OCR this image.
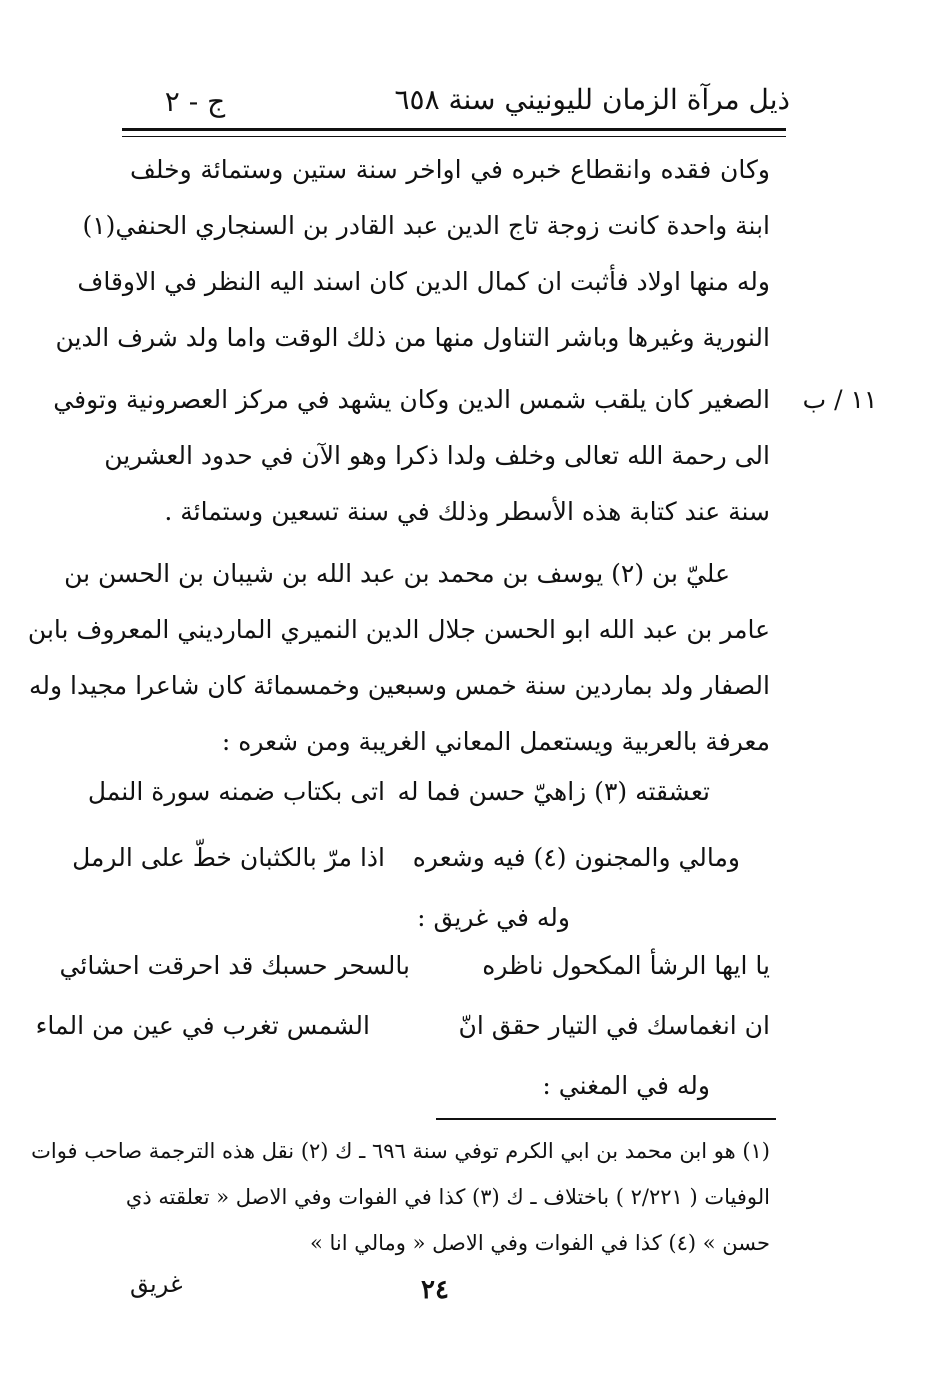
ج - ٢	ذيل مرآة الزمان لليونيني سنة ٦٥٨
وكان فقده وانقطاع خبره في اواخر سنة ستين وستمائة وخلف
ابنة واحدة كانت زوجة تاج الدين عبد القادر بن السنجاري الحنفي(١)
وله منها اولاد فأثبت ان كمال الدين كان اسند اليه النظر في الاوقاف
النورية وغيرها وباشر التناول منها من ذلك الوقت واما ولد شرف الدين
الصغير كان يلقب شمس الدين وكان يشهد في مركز العصرونية وتوفي
الى رحمة الله تعالى وخلف ولدا ذكرا وهو الآن في حدود العشرين
سنة عند كتابة هذه الأسطر وذلك في سنة تسعين وستمائة .
١١ / ب
عليّ بن (٢) يوسف بن محمد بن عبد الله بن شيبان بن الحسن بن
عامر بن عبد الله ابو الحسن جلال الدين النميري المارديني المعروف بابن
الصفار ولد بماردين سنة خمس وسبعين وخمسمائة كان شاعرا مجيدا وله
معرفة بالعربية ويستعمل المعاني الغريبة ومن شعره :
تعشقته (٣) زاهيّ حسن فما له
اتى بكتاب ضمنه سورة النمل
ومالي والمجنون (٤) فيه وشعره
اذا مرّ بالكثبان خطّ على الرمل
وله في غريق :
يا ايها الرشأ المكحول ناظره
بالسحر حسبك قد احرقت احشائي
ان انغماسك في التيار حقق انّ
الشمس تغرب في عين من الماء
وله في المغني :
(١) هو ابن محمد بن ابي الكرم توفي سنة ٦٩٦ ـ ك (٢) نقل هذه الترجمة صاحب فوات
الوفيات ( ٢/٢٢١ ) باختلاف ـ ك (٣) كذا في الفوات وفي الاصل « تعلقته ذي
حسن » (٤) كذا في الفوات وفي الاصل « ومالي انا »
غريق	٢٤
